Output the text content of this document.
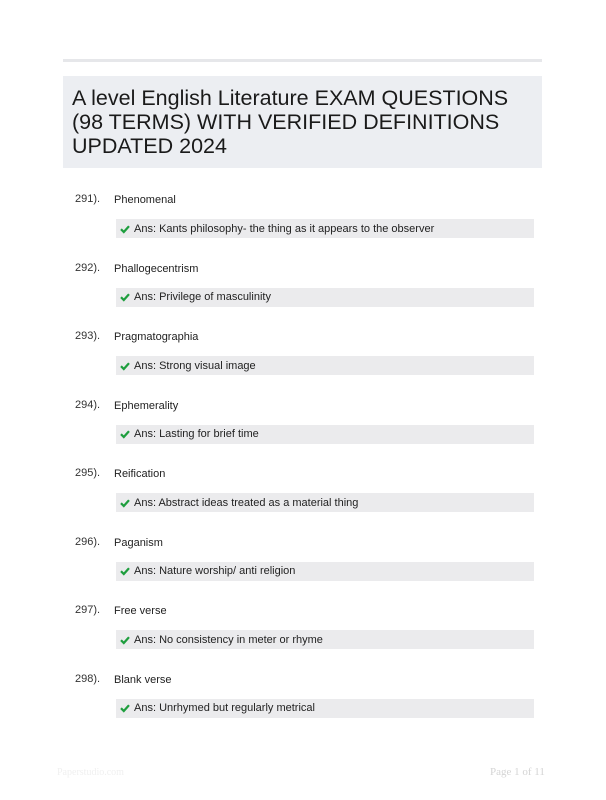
A level English Literature EXAM QUESTIONS (98 TERMS) WITH VERIFIED DEFINITIONS UPDATED 2024
291). Phenomenal
Ans: Kants philosophy- the thing as it appears to the observer
292). Phallogecentrism
Ans: Privilege of masculinity
293). Pragmatographia
Ans: Strong visual image
294). Ephemerality
Ans: Lasting for brief time
295). Reification
Ans: Abstract ideas treated as a material thing
296). Paganism
Ans: Nature worship/ anti religion
297). Free verse
Ans: No consistency in meter or rhyme
298). Blank verse
Ans: Unrhymed but regularly metrical
Paperstudio.com	Page 1 of 11
